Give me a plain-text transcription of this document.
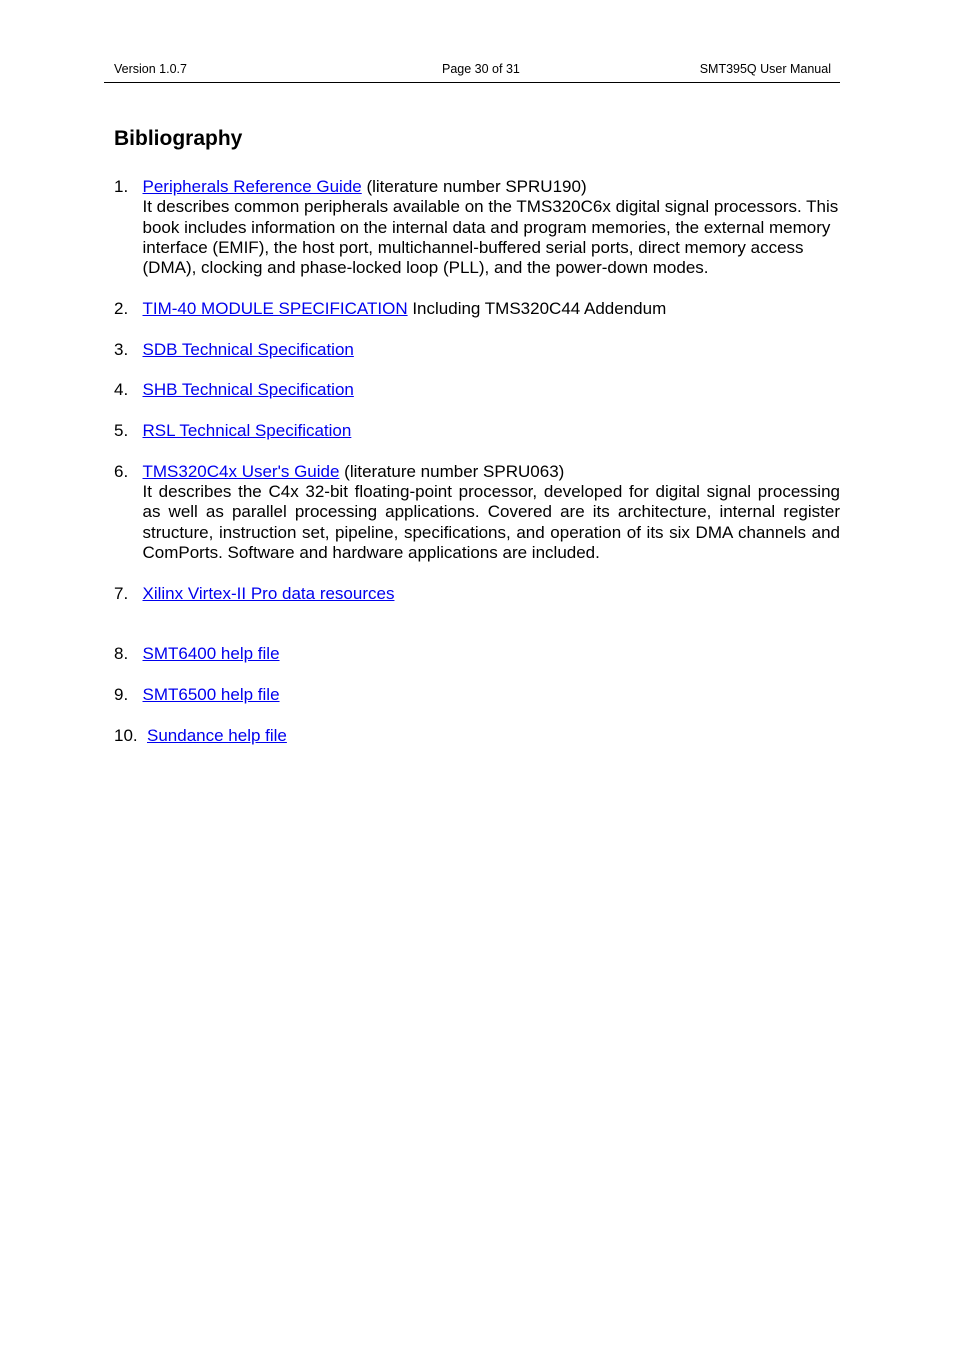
Version 1.0.7	Page 30 of 31	SMT395Q User Manual
Bibliography
1. Peripherals Reference Guide (literature number SPRU190)
It describes common peripherals available on the TMS320C6x digital signal processors. This book includes information on the internal data and program memories, the external memory interface (EMIF), the host port, multichannel-buffered serial ports, direct memory access (DMA), clocking and phase-locked loop (PLL), and the power-down modes.
2. TIM-40 MODULE SPECIFICATION Including TMS320C44 Addendum
3. SDB Technical Specification
4. SHB Technical Specification
5. RSL Technical Specification
6. TMS320C4x User's Guide (literature number SPRU063)
It describes the C4x 32-bit floating-point processor, developed for digital signal processing as well as parallel processing applications. Covered are its architecture, internal register structure, instruction set, pipeline, specifications, and operation of its six DMA channels and ComPorts. Software and hardware applications are included.
7. Xilinx Virtex-II Pro data resources
8. SMT6400 help file
9. SMT6500 help file
10. Sundance help file
